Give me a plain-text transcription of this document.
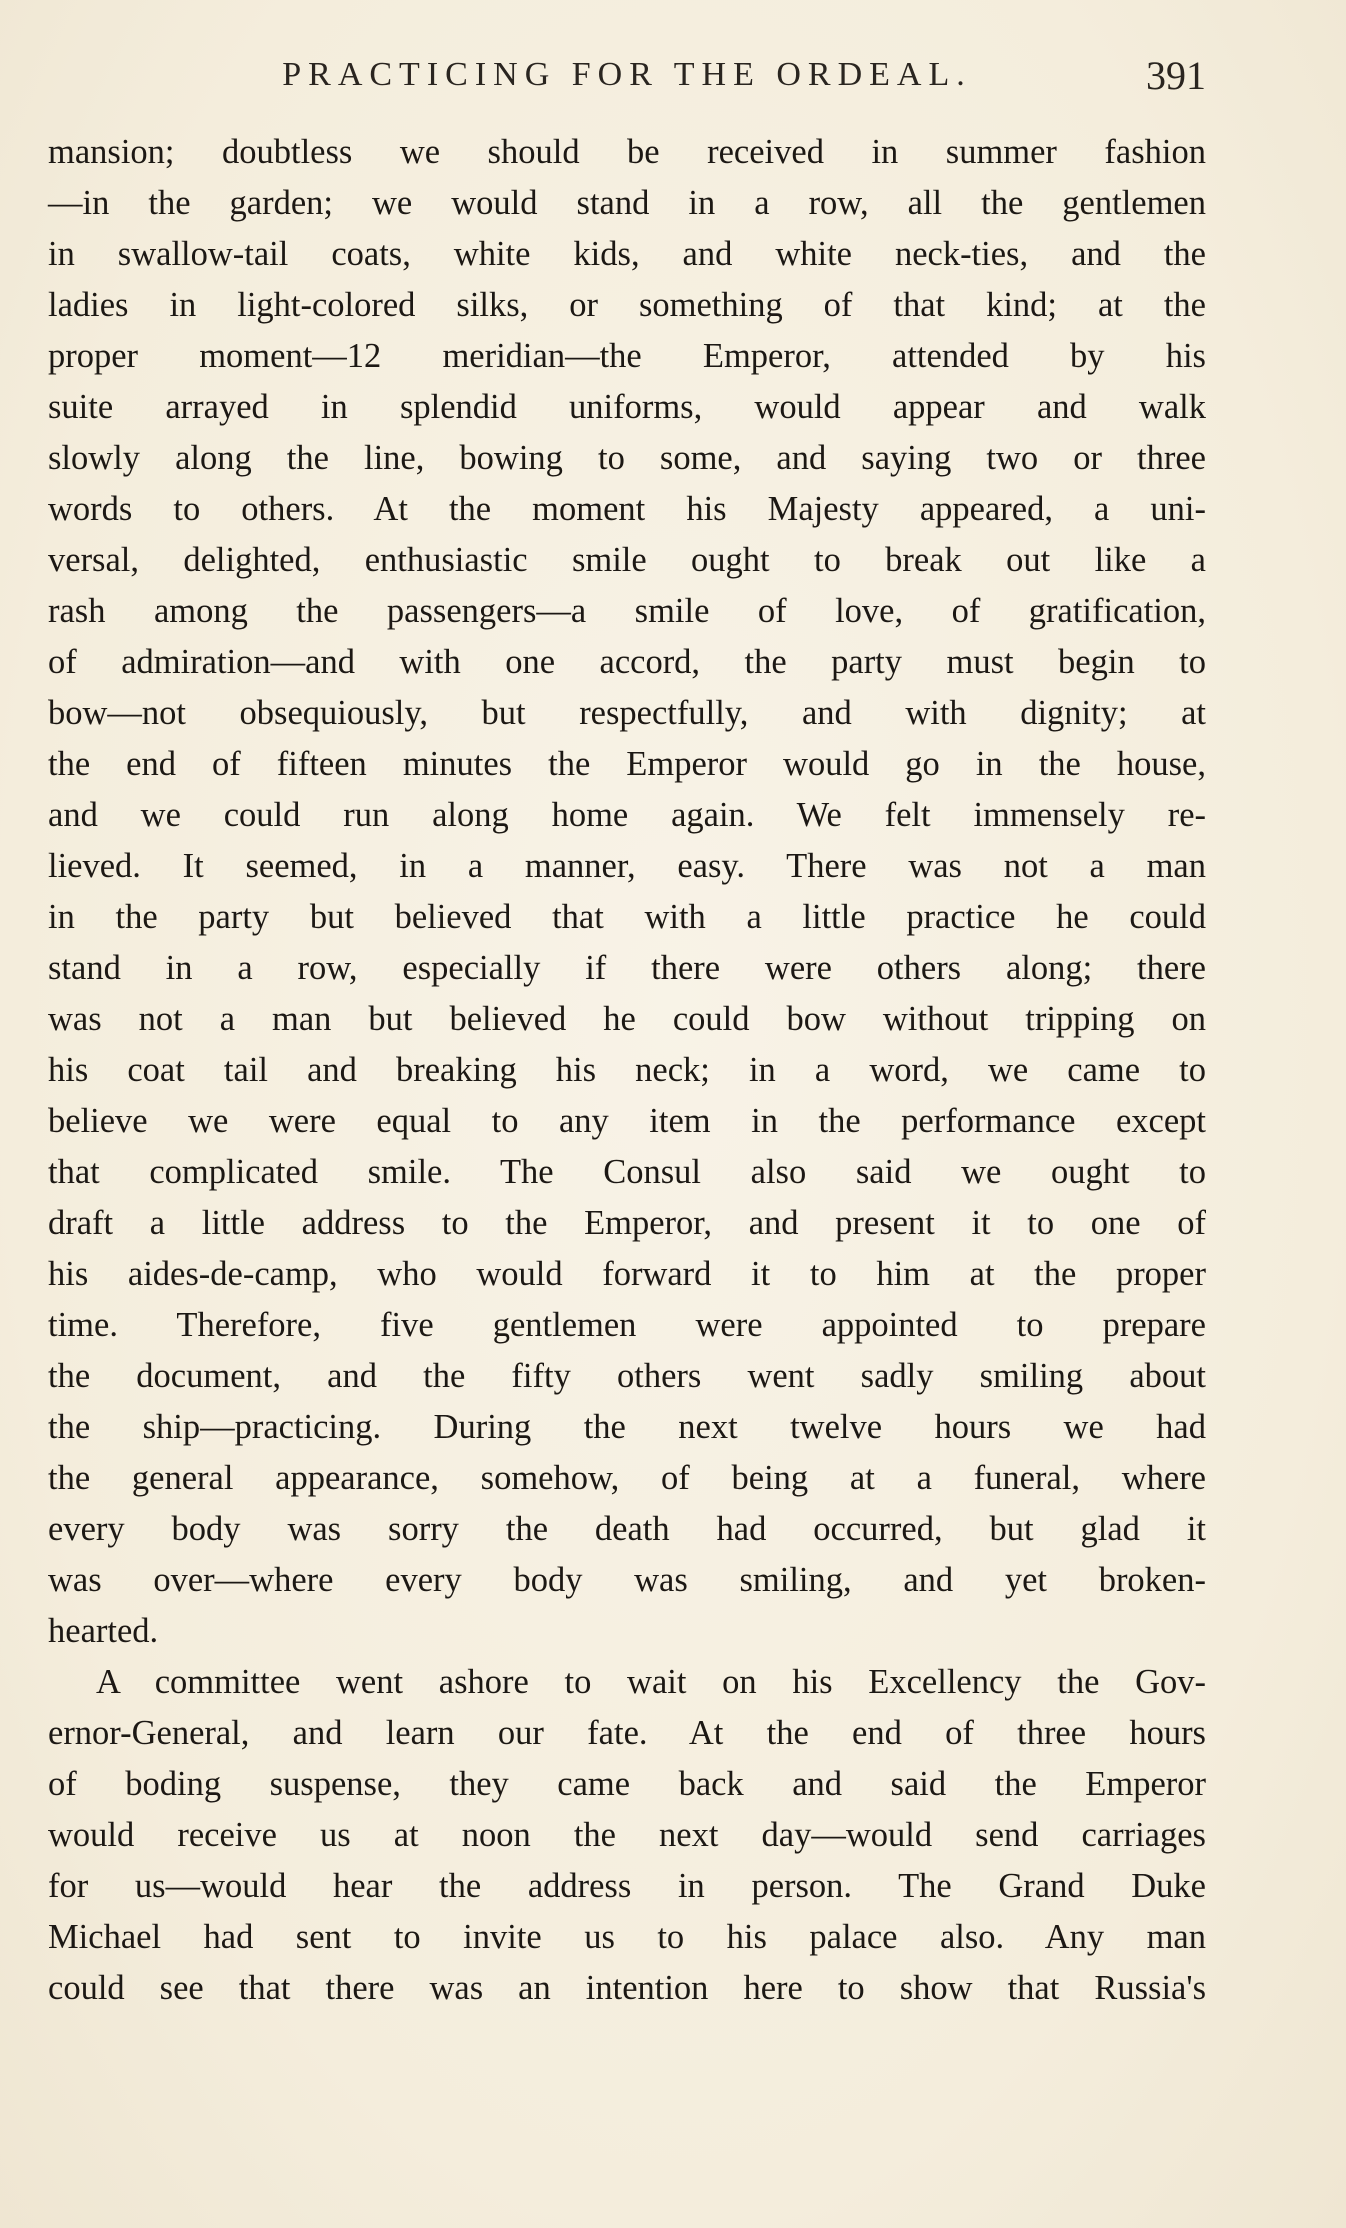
PRACTICING FOR THE ORDEAL.	391
mansion; doubtless we should be received in summer fashion
—in the garden; we would stand in a row, all the gentlemen
in swallow-tail coats, white kids, and white neck-ties, and the
ladies in light-colored silks, or something of that kind; at the
proper moment—12 meridian—the Emperor, attended by his
suite arrayed in splendid uniforms, would appear and walk
slowly along the line, bowing to some, and saying two or three
words to others. At the moment his Majesty appeared, a uni-
versal, delighted, enthusiastic smile ought to break out like a
rash among the passengers—a smile of love, of gratification,
of admiration—and with one accord, the party must begin to
bow—not obsequiously, but respectfully, and with dignity; at
the end of fifteen minutes the Emperor would go in the house,
and we could run along home again. We felt immensely re-
lieved. It seemed, in a manner, easy. There was not a man
in the party but believed that with a little practice he could
stand in a row, especially if there were others along; there
was not a man but believed he could bow without tripping on
his coat tail and breaking his neck; in a word, we came to
believe we were equal to any item in the performance except
that complicated smile. The Consul also said we ought to
draft a little address to the Emperor, and present it to one of
his aides-de-camp, who would forward it to him at the proper
time. Therefore, five gentlemen were appointed to prepare
the document, and the fifty others went sadly smiling about
the ship—practicing. During the next twelve hours we had
the general appearance, somehow, of being at a funeral, where
every body was sorry the death had occurred, but glad it
was over—where every body was smiling, and yet broken-
hearted.
A committee went ashore to wait on his Excellency the Gov-
ernor-General, and learn our fate. At the end of three hours
of boding suspense, they came back and said the Emperor
would receive us at noon the next day—would send carriages
for us—would hear the address in person. The Grand Duke
Michael had sent to invite us to his palace also. Any man
could see that there was an intention here to show that Russia's
